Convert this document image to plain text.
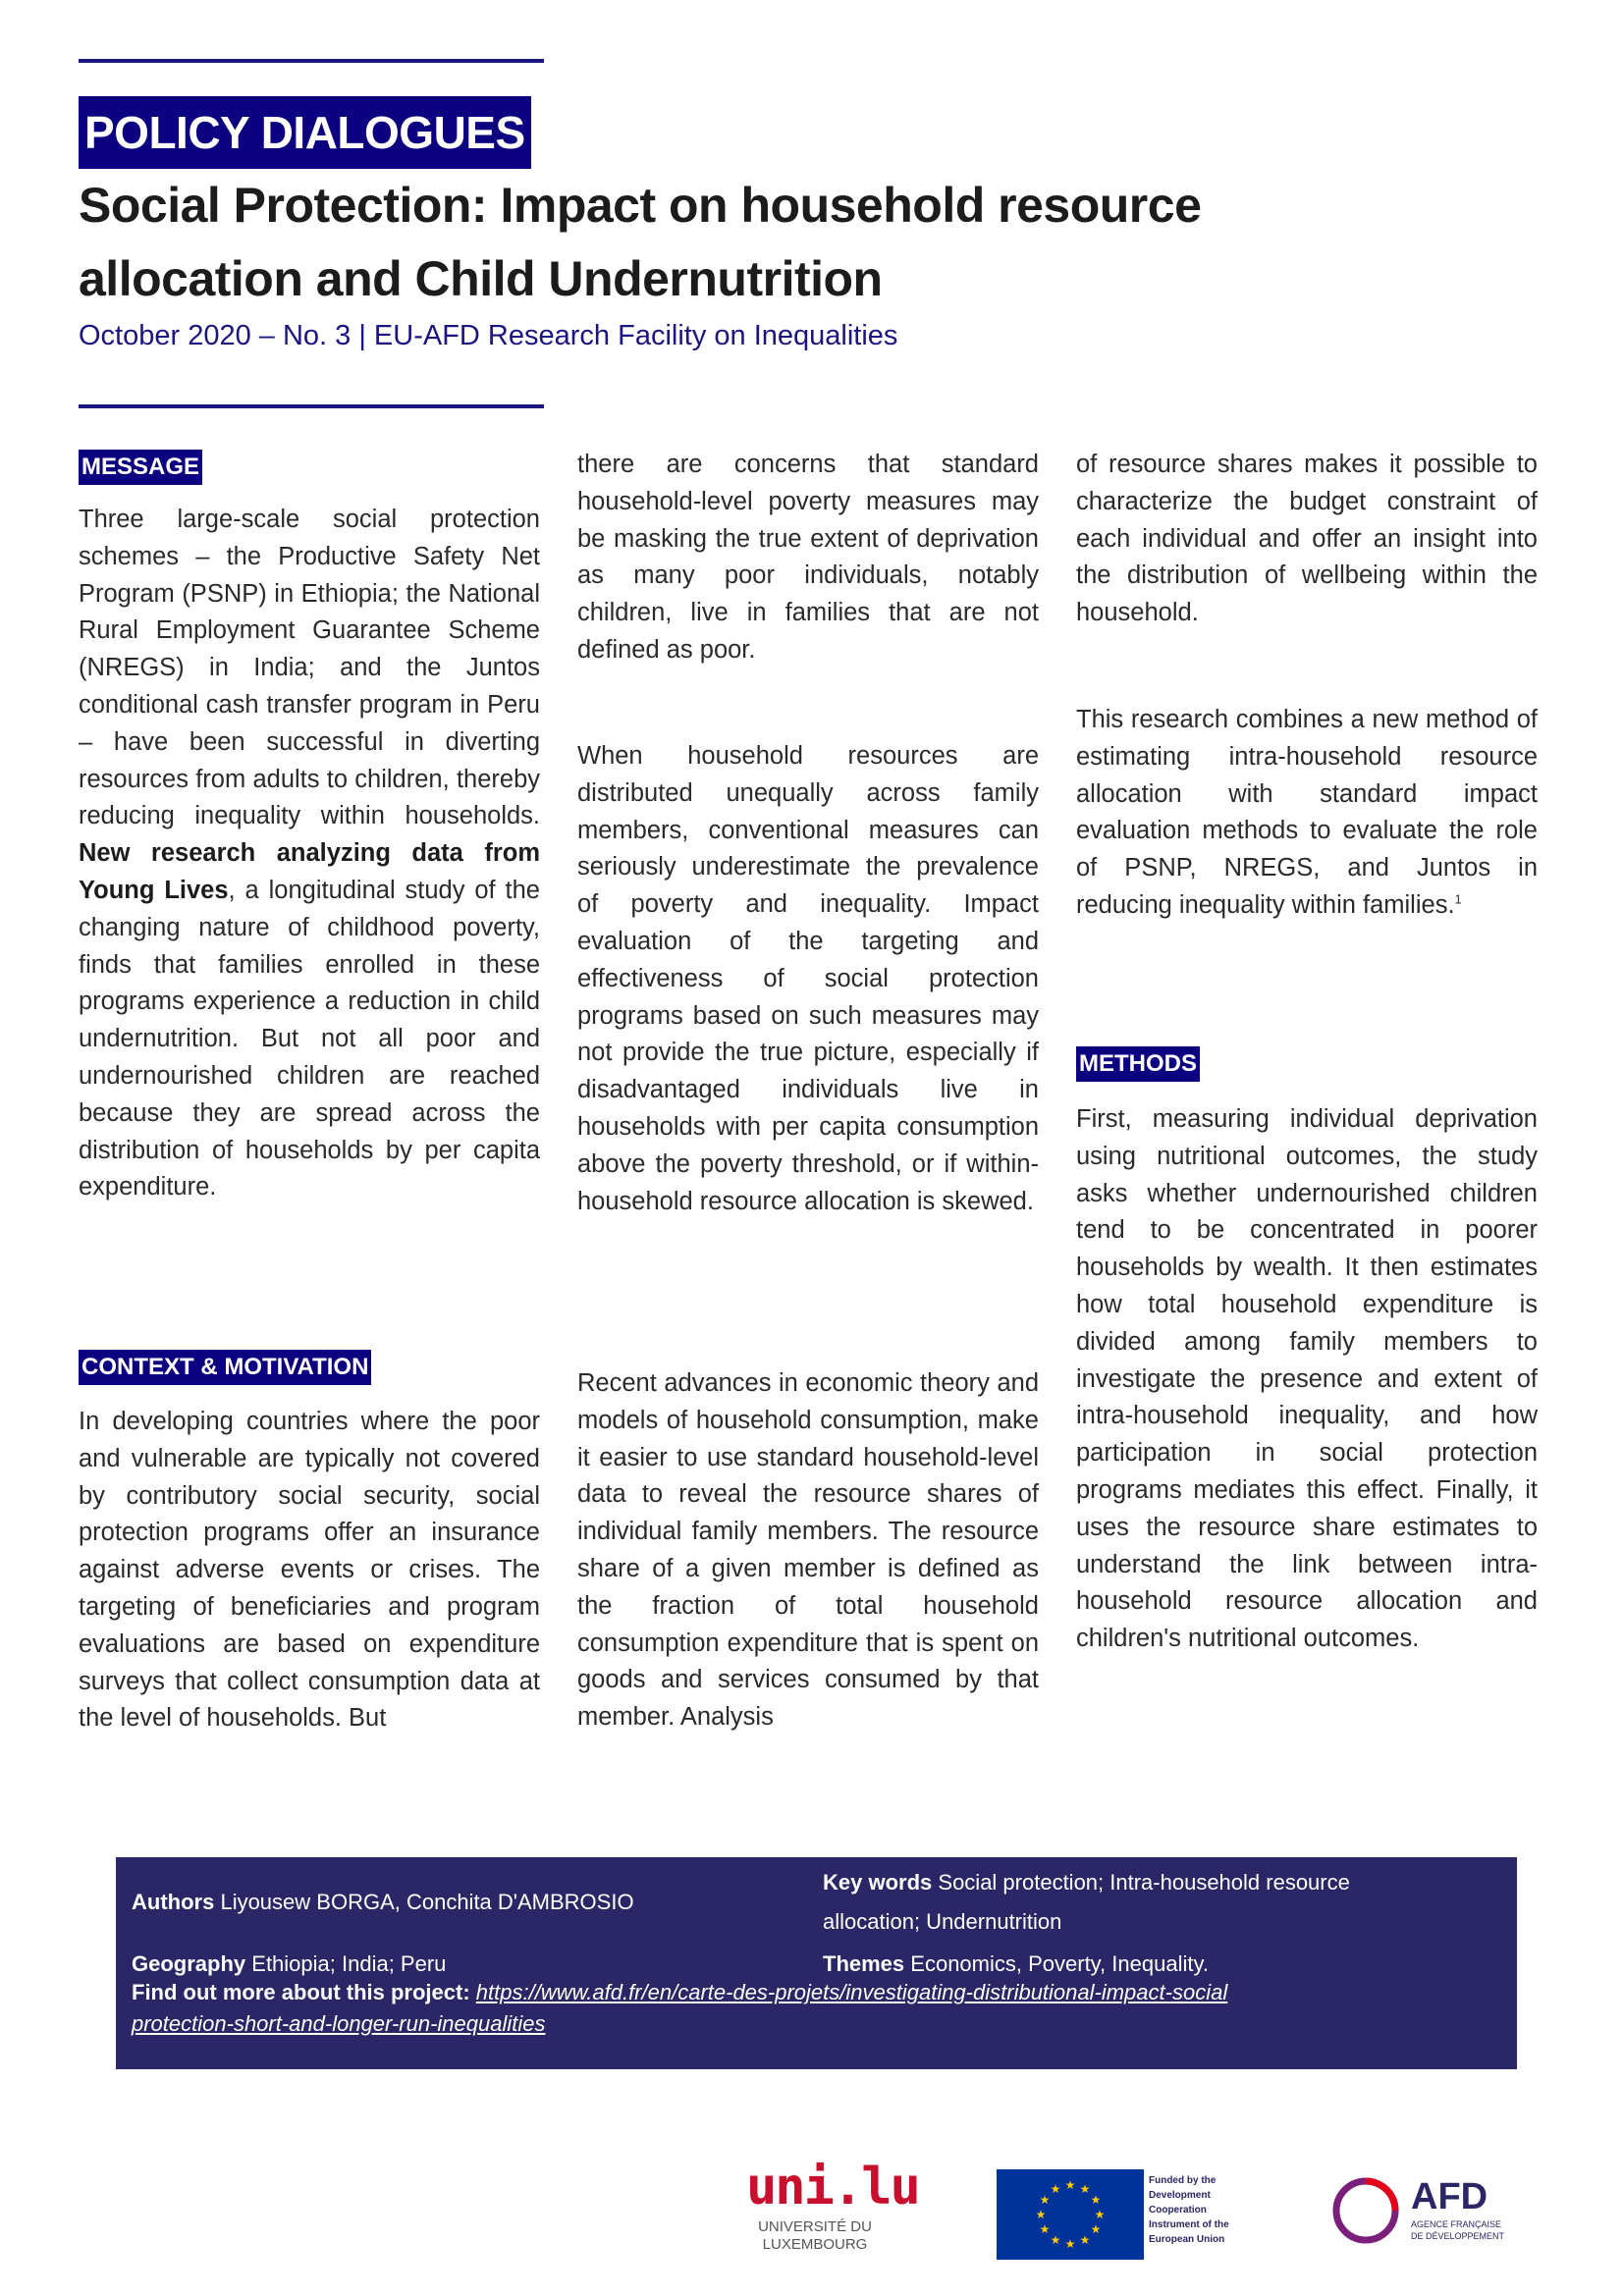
POLICY DIALOGUES
Social Protection: Impact on household resource
allocation and Child Undernutrition
October 2020 – No. 3 | EU-AFD Research Facility on Inequalities
MESSAGE

Three large-scale social protection schemes – the Productive Safety Net Program (PSNP) in Ethiopia; the National Rural Employment Guarantee Scheme (NREGS) in India; and the Juntos conditional cash transfer program in Peru – have been successful in diverting resources from adults to children, thereby reducing inequality within households. New research analyzing data from Young Lives, a longitudinal study of the changing nature of childhood poverty, finds that families enrolled in these programs experience a reduction in child undernutrition. But not all poor and undernourished children are reached because they are spread across the distribution of households by per capita expenditure.

CONTEXT & MOTIVATION

In developing countries where the poor and vulnerable are typically not covered by contributory social security, social protection programs offer an insurance against adverse events or crises. The targeting of beneficiaries and program evaluations are based on expenditure surveys that collect consumption data at the level of households. But

there are concerns that standard household-level poverty measures may be masking the true extent of deprivation as many poor individuals, notably children, live in families that are not defined as poor.

When household resources are distributed unequally across family members, conventional measures can seriously underestimate the prevalence of poverty and inequality. Impact evaluation of the targeting and effectiveness of social protection programs based on such measures may not provide the true picture, especially if disadvantaged individuals live in households with per capita consumption above the poverty threshold, or if within-household resource allocation is skewed.

Recent advances in economic theory and models of household consumption, make it easier to use standard household-level data to reveal the resource shares of individual family members. The resource share of a given member is defined as the fraction of total household consumption expenditure that is spent on goods and services consumed by that member. Analysis

of resource shares makes it possible to characterize the budget constraint of each individual and offer an insight into the distribution of wellbeing within the household.

This research combines a new method of estimating intra-household resource allocation with standard impact evaluation methods to evaluate the role of PSNP, NREGS, and Juntos in reducing inequality within families.$^1$

METHODS

First, measuring individual deprivation using nutritional outcomes, the study asks whether undernourished children tend to be concentrated in poorer households by wealth. It then estimates how total household expenditure is divided among family members to investigate the presence and extent of intra-household inequality, and how participation in social protection programs mediates this effect. Finally, it uses the resource share estimates to understand the link between intra-household resource allocation and children's nutritional outcomes.

Authors Liyousew BORGA, Conchita D'AMBROSIO
Key words Social protection; Intra-household resource
allocation; Undernutrition
Geography Ethiopia; India; Peru	Themes Economics, Poverty, Inequality.
Find out more about this project: https://www.afd.fr/en/carte-des-projets/investigating-distributional-impact-social
protection-short-and-longer-run-inequalities
uni.lu
UNIVERSITÉ DU
LUXEMBOURG
★
★
★
★
★
★
★
★
★ ★ ★
★
Funded by the
Development
Cooperation
Instrument of the
European Union
AFD
AGENCE FRANÇAISE
DE DÉVELOPPEMENT
